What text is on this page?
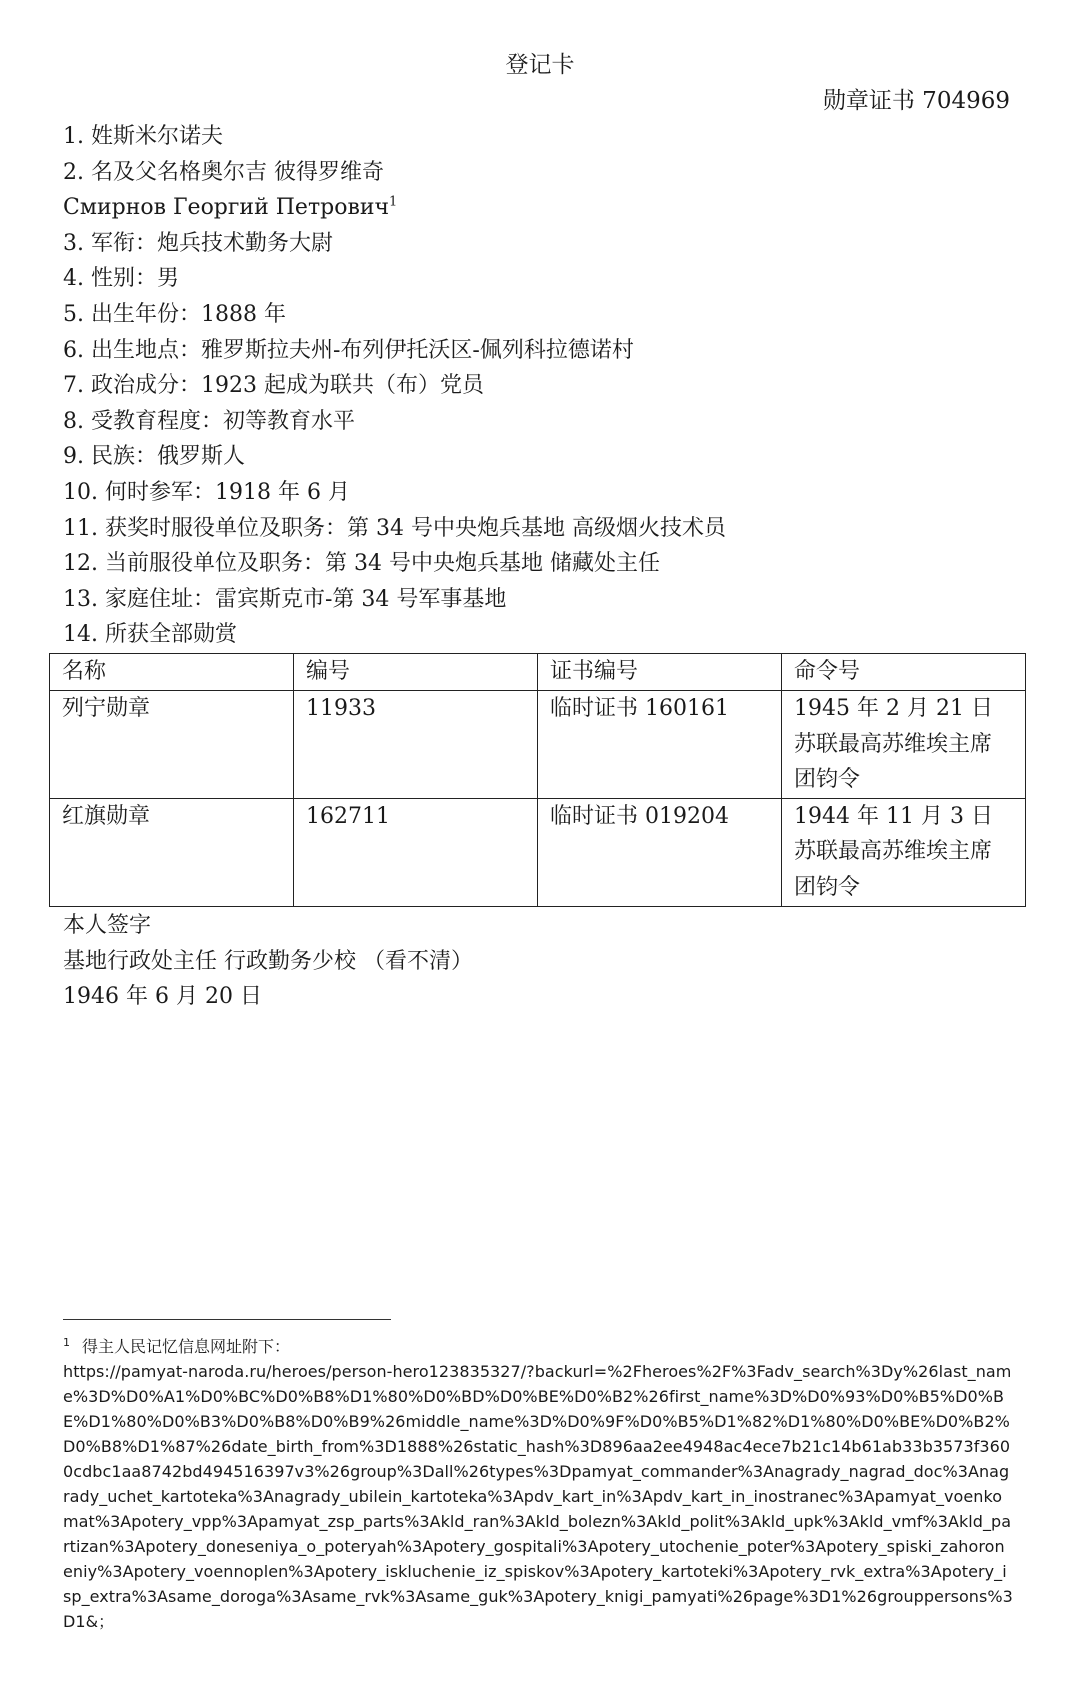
登记卡
勋章证书 704969
1. 姓斯米尔诺夫
2. 名及父名格奥尔吉 彼得罗维奇
Смирнов Георгий Петрович$^1$
3. 军衔：炮兵技术勤务大尉
4. 性别：男
5. 出生年份：1888 年
6. 出生地点：雅罗斯拉夫州-布列伊托沃区-佩列科拉德诺村
7. 政治成分：1923 起成为联共（布）党员
8. 受教育程度：初等教育水平
9. 民族：俄罗斯人
10. 何时参军：1918 年 6 月
11. 获奖时服役单位及职务：第 34 号中央炮兵基地 高级烟火技术员
12. 当前服役单位及职务：第 34 号中央炮兵基地 储藏处主任
13. 家庭住址：雷宾斯克市-第 34 号军事基地
14. 所获全部勋赏
名称	编号	证书编号	命令号
列宁勋章	11933	临时证书 160161	1945 年 2 月 21 日苏联最高苏维埃主席团钧令
红旗勋章	162711	临时证书 019204	1944 年 11 月 3 日苏联最高苏维埃主席团钧令
本人签字
基地行政处主任 行政勤务少校 （看不清）
1946 年 6 月 20 日
$^1$ 得主人民记忆信息网址附下：
https://pamyat-naroda.ru/heroes/person-hero123835327/?backurl=%2Fheroes%2F%3Fadv_search%3Dy%26last_name%3D%D0%A1%D0%BC%D0%B8%D1%80%D0%BD%D0%BE%D0%B2%26first_name%3D%D0%93%D0%B5%D0%BE%D1%80%D0%B3%D0%B8%D0%B9%26middle_name%3D%D0%9F%D0%B5%D1%82%D1%80%D0%BE%D0%B2%D0%B8%D1%87%26date_birth_from%3D1888%26static_hash%3D896aa2ee4948ac4ece7b21c14b61ab33b3573f3600cdbc1aa8742bd494516397v3%26group%3Dall%26types%3Dpamyat_commander%3Anagrady_nagrad_doc%3Anagrady_uchet_kartoteka%3Anagrady_ubilein_kartoteka%3Apdv_kart_in%3Apdv_kart_in_inostranec%3Apamyat_voenkomat%3Apotery_vpp%3Apamyat_zsp_parts%3Akld_ran%3Akld_bolezn%3Akld_polit%3Akld_upk%3Akld_vmf%3Akld_partizan%3Apotery_doneseniya_o_poteryah%3Apotery_gospitali%3Apotery_utochenie_poter%3Apotery_spiski_zahoroneniy%3Apotery_voennoplen%3Apotery_iskluchenie_iz_spiskov%3Apotery_kartoteki%3Apotery_rvk_extra%3Apotery_isp_extra%3Asame_doroga%3Asame_rvk%3Asame_guk%3Apotery_knigi_pamyati%26page%3D1%26grouppersons%3D1&；
